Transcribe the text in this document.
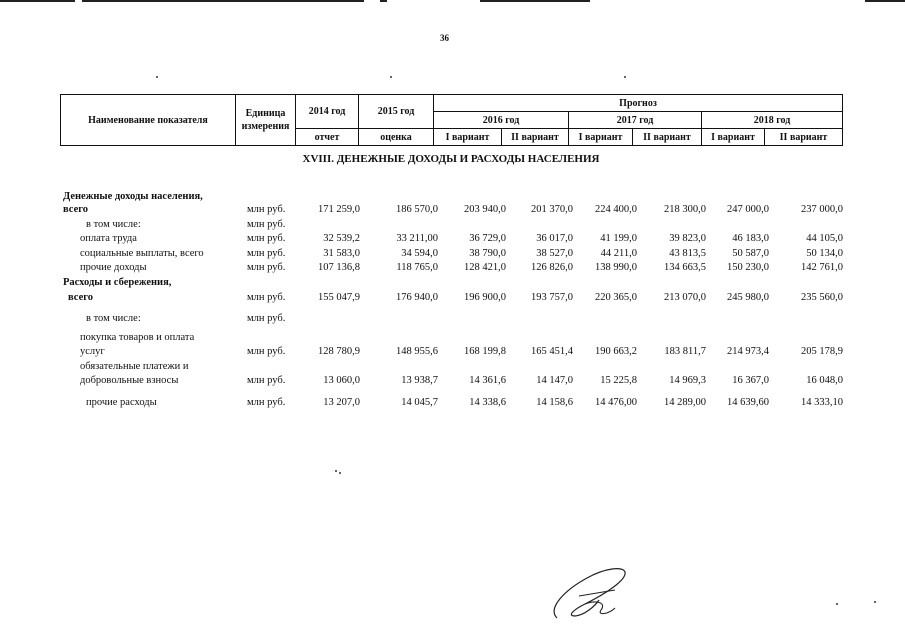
36
Наименование показателя	Единица измерения	2014 год	2015 год	Прогноз					
				2016 год		2017 год		2018 год	
		отчет	оценка	I вариант	II вариант	I вариант	II вариант	I вариант	II вариант
XVIII. ДЕНЕЖНЫЕ ДОХОДЫ И РАСХОДЫ НАСЕЛЕНИЯ
Денежные доходы населения,
всего	млн руб.	171 259,0	186 570,0	203 940,0	201 370,0	224 400,0	218 300,0	247 000,0	237 000,0
в том числе:	млн руб.
оплата труда	млн руб.	32 539,2	33 211,00	36 729,0	36 017,0	41 199,0	39 823,0	46 183,0	44 105,0
социальные выплаты, всего	млн руб.	31 583,0	34 594,0	38 790,0	38 527,0	44 211,0	43 813,5	50 587,0	50 134,0
прочие доходы	млн руб.	107 136,8	118 765,0	128 421,0	126 826,0	138 990,0	134 663,5	150 230,0	142 761,0
Расходы и сбережения,
всего	млн руб.	155 047,9	176 940,0	196 900,0	193 757,0	220 365,0	213 070,0	245 980,0	235 560,0
в том числе:	млн руб.
покупка товаров и оплата
услуг	млн руб.	128 780,9	148 955,6	168 199,8	165 451,4	190 663,2	183 811,7	214 973,4	205 178,9
обязательные платежи и
добровольные взносы	млн руб.	13 060,0	13 938,7	14 361,6	14 147,0	15 225,8	14 969,3	16 367,0	16 048,0
прочие расходы	млн руб.	13 207,0	14 045,7	14 338,6	14 158,6	14 476,00	14 289,00	14 639,60	14 333,10
